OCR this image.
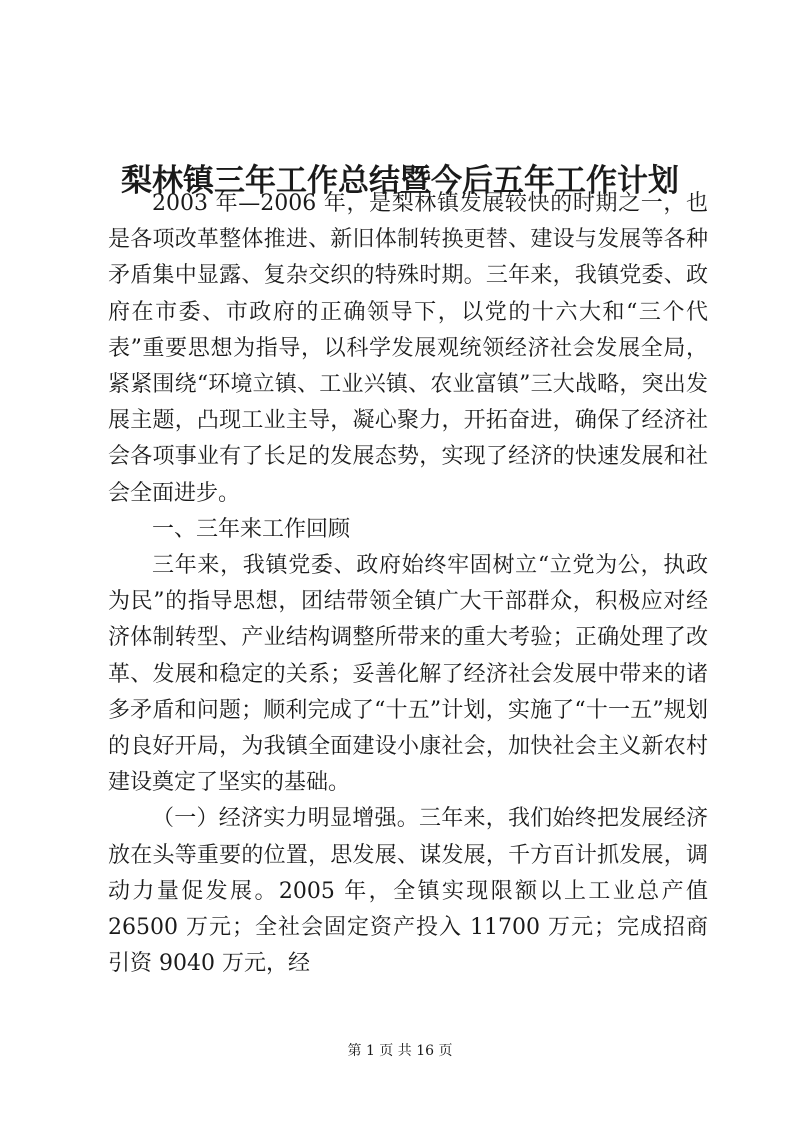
梨林镇三年工作总结暨今后五年工作计划

2003 年—2006 年，是梨林镇发展较快的时期之一，也是各项改革整体推进、新旧体制转换更替、建设与发展等各种矛盾集中显露、复杂交织的特殊时期。三年来，我镇党委、政府在市委、市政府的正确领导下，以党的十六大和“三个代表”重要思想为指导，以科学发展观统领经济社会发展全局，紧紧围绕“环境立镇、工业兴镇、农业富镇”三大战略，突出发展主题，凸现工业主导，凝心聚力，开拓奋进，确保了经济社会各项事业有了长足的发展态势，实现了经济的快速发展和社会全面进步。

一、三年来工作回顾

三年来，我镇党委、政府始终牢固树立“立党为公，执政为民”的指导思想，团结带领全镇广大干部群众，积极应对经济体制转型、产业结构调整所带来的重大考验；正确处理了改革、发展和稳定的关系；妥善化解了经济社会发展中带来的诸多矛盾和问题；顺利完成了“十五”计划，实施了“十一五”规划的良好开局，为我镇全面建设小康社会，加快社会主义新农村建设奠定了坚实的基础。

（一）经济实力明显增强。三年来，我们始终把发展经济放在头等重要的位置，思发展、谋发展，千方百计抓发展，调动力量促发展。2005 年，全镇实现限额以上工业总产值 26500 万元；全社会固定资产投入 11700 万元；完成招商引资 9040 万元，经

第 1 页 共 16 页
